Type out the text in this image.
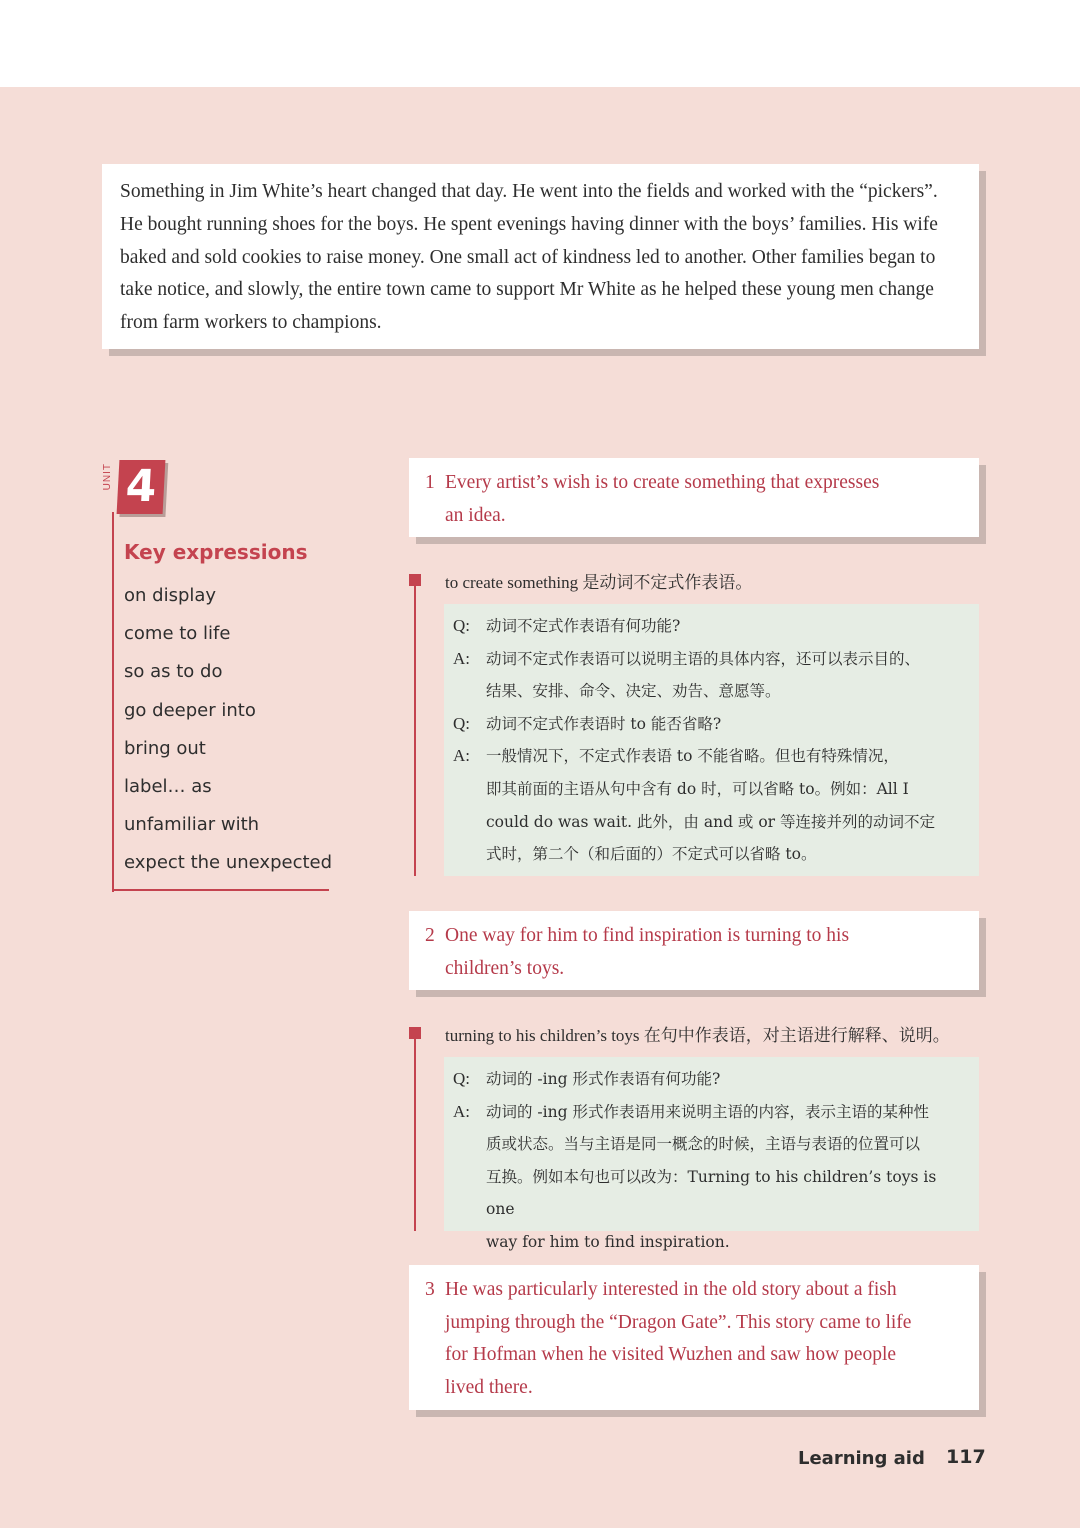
Something in Jim White’s heart changed that day. He went into the fields and worked with the “pickers”. He bought running shoes for the boys. He spent evenings having dinner with the boys’ families. His wife baked and sold cookies to raise money. One small act of kindness led to another. Other families began to take notice, and slowly, the entire town came to support Mr White as he helped these young men change from farm workers to champions.

UNIT 4
Key expressions
on display
come to life
so as to do
go deeper into
bring out
label… as
unfamiliar with
expect the unexpected
1 Every artist’s wish is to create something that expresses
an idea.
to create something 是动词不定式作表语。
Q:	动词不定式作表语有何功能?
A:	动词不定式作表语可以说明主语的具体内容，还可以表示目的、
结果、安排、命令、决定、劝告、意愿等。
Q:	动词不定式作表语时 to 能否省略?
A:	一般情况下，不定式作表语 to 不能省略。但也有特殊情况，
即其前面的主语从句中含有 do 时，可以省略 to。例如：All I
could do was wait. 此外，由 and 或 or 等连接并列的动词不定
式时，第二个（和后面的）不定式可以省略 to。
2 One way for him to find inspiration is turning to his
children’s toys.
turning to his children’s toys 在句中作表语，对主语进行解释、说明。
Q:	动词的 -ing 形式作表语有何功能?
A:	动词的 -ing 形式作表语用来说明主语的内容，表示主语的某种性
质或状态。当与主语是同一概念的时候，主语与表语的位置可以
互换。例如本句也可以改为：Turning to his children’s toys is one
way for him to find inspiration.
3 He was particularly interested in the old story about a fish
jumping through the “Dragon Gate”. This story came to life
for Hofman when he visited Wuzhen and saw how people
lived there.
Learning aid 117
